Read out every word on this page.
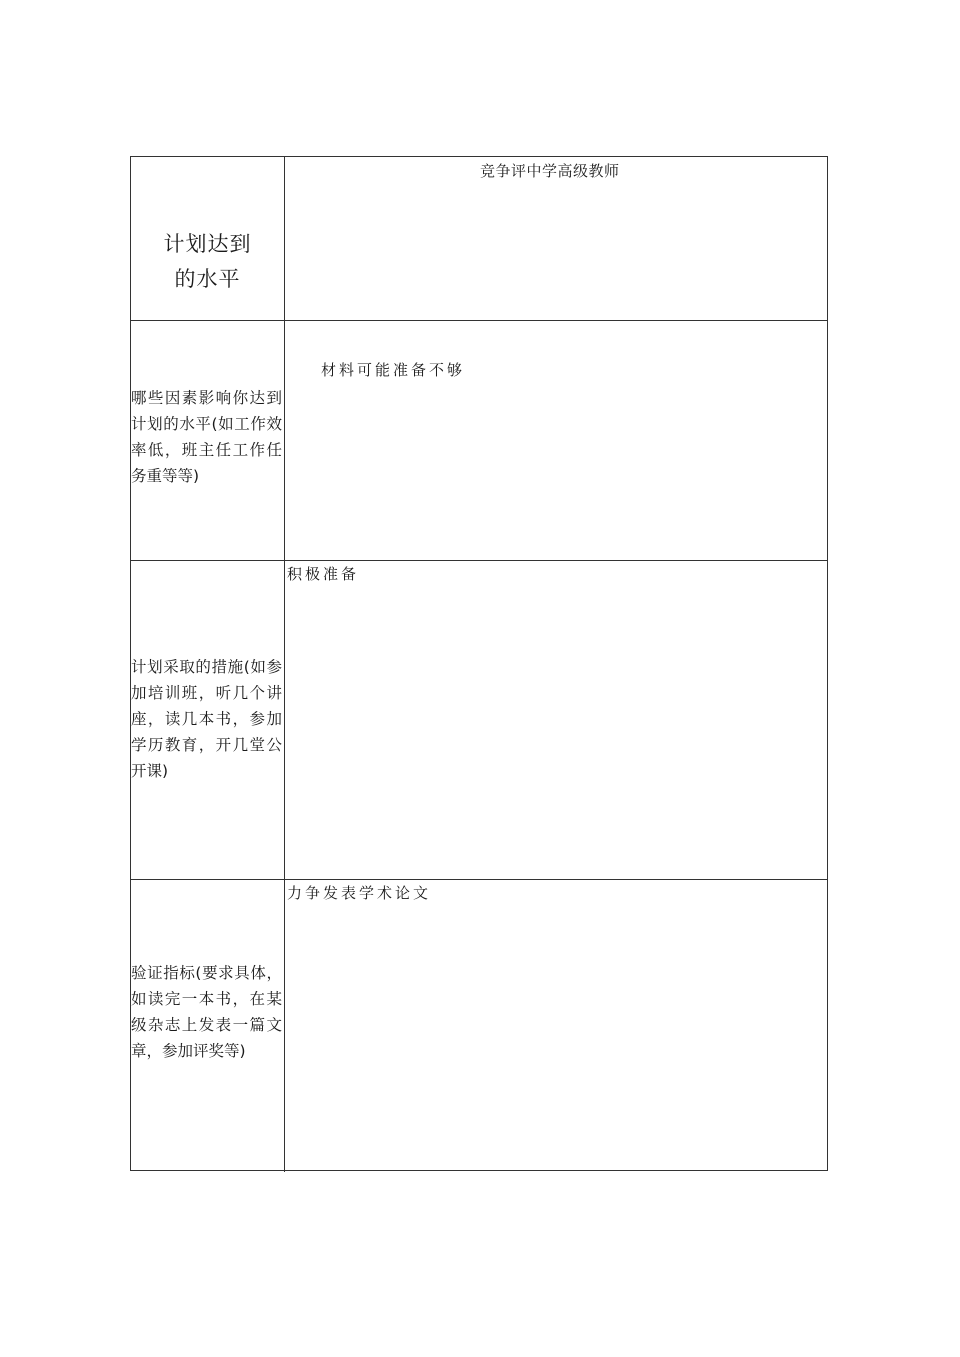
计划达到
的水平
竞争评中学高级教师
哪些因素影响你达到计划的水平(如工作效率低，班主任工作任务重等等)
材料可能准备不够
计划采取的措施(如参加培训班，听几个讲座，读几本书，参加学历教育，开几堂公开课)
积极准备
验证指标(要求具体，如读完一本书，在某级杂志上发表一篇文章，参加评奖等)
力争发表学术论文
